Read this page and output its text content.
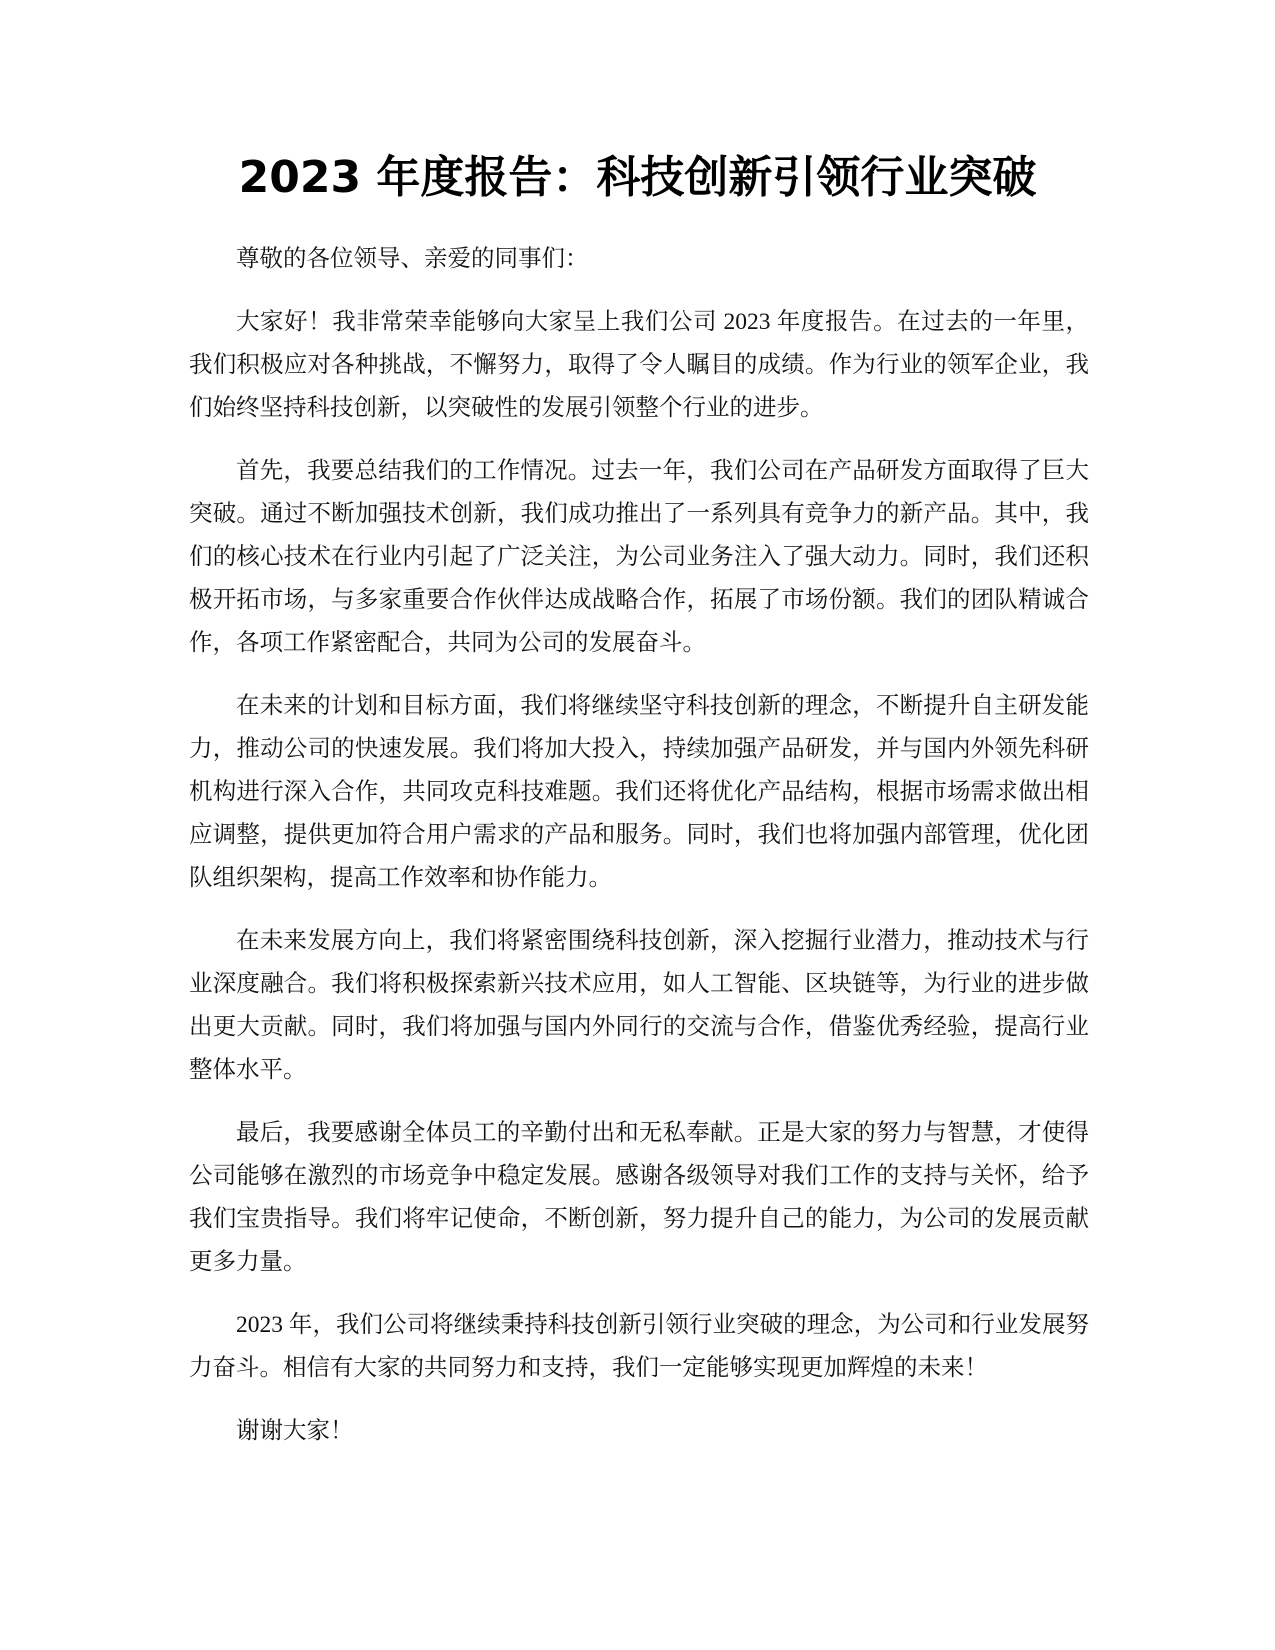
2023 年度报告：科技创新引领行业突破

尊敬的各位领导、亲爱的同事们：

大家好！我非常荣幸能够向大家呈上我们公司 2023 年度报告。在过去的一年里，我们积极应对各种挑战，不懈努力，取得了令人瞩目的成绩。作为行业的领军企业，我们始终坚持科技创新，以突破性的发展引领整个行业的进步。

首先，我要总结我们的工作情况。过去一年，我们公司在产品研发方面取得了巨大突破。通过不断加强技术创新，我们成功推出了一系列具有竞争力的新产品。其中，我们的核心技术在行业内引起了广泛关注，为公司业务注入了强大动力。同时，我们还积极开拓市场，与多家重要合作伙伴达成战略合作，拓展了市场份额。我们的团队精诚合作，各项工作紧密配合，共同为公司的发展奋斗。

在未来的计划和目标方面，我们将继续坚守科技创新的理念，不断提升自主研发能力，推动公司的快速发展。我们将加大投入，持续加强产品研发，并与国内外领先科研机构进行深入合作，共同攻克科技难题。我们还将优化产品结构，根据市场需求做出相应调整，提供更加符合用户需求的产品和服务。同时，我们也将加强内部管理，优化团队组织架构，提高工作效率和协作能力。

在未来发展方向上，我们将紧密围绕科技创新，深入挖掘行业潜力，推动技术与行业深度融合。我们将积极探索新兴技术应用，如人工智能、区块链等，为行业的进步做出更大贡献。同时，我们将加强与国内外同行的交流与合作，借鉴优秀经验，提高行业整体水平。

最后，我要感谢全体员工的辛勤付出和无私奉献。正是大家的努力与智慧，才使得公司能够在激烈的市场竞争中稳定发展。感谢各级领导对我们工作的支持与关怀，给予我们宝贵指导。我们将牢记使命，不断创新，努力提升自己的能力，为公司的发展贡献更多力量。

2023 年，我们公司将继续秉持科技创新引领行业突破的理念，为公司和行业发展努力奋斗。相信有大家的共同努力和支持，我们一定能够实现更加辉煌的未来！

谢谢大家！
